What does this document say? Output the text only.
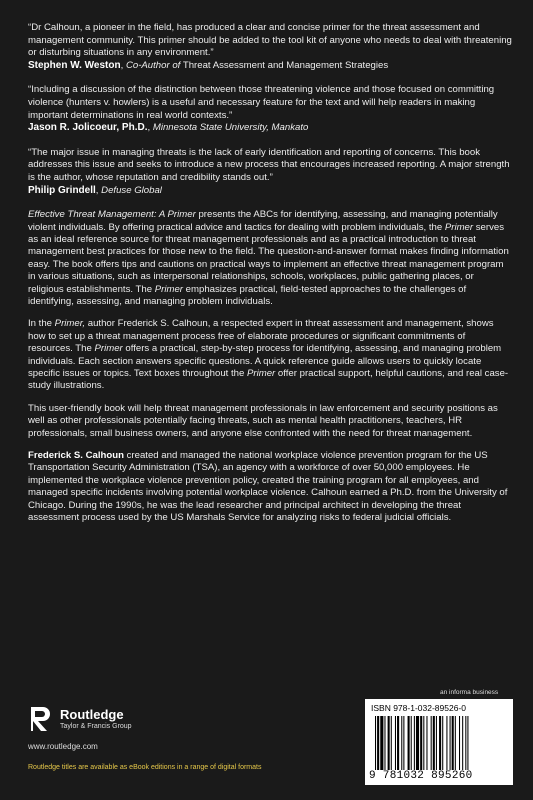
“Dr Calhoun, a pioneer in the field, has produced a clear and concise primer for the threat assessment and management community. This primer should be added to the tool kit of anyone who needs to deal with threatening or disturbing situations in any environment.”

Stephen W. Weston, Co-Author of Threat Assessment and Management Strategies

“Including a discussion of the distinction between those threatening violence and those focused on committing violence (hunters v. howlers) is a useful and necessary feature for the text and will help readers in making important determinations in real world contexts.”

Jason R. Jolicoeur, Ph.D., Minnesota State University, Mankato

“The major issue in managing threats is the lack of early identification and reporting of concerns. This book addresses this issue and seeks to introduce a new process that encourages increased reporting. A major strength is the author, whose reputation and credibility stands out.”

Philip Grindell, Defuse Global

Effective Threat Management: A Primer presents the ABCs for identifying, assessing, and managing potentially violent individuals. By offering practical advice and tactics for dealing with problem individuals, the Primer serves as an ideal reference source for threat management professionals and as a practical introduction to threat management best practices for those new to the field. The question-and-answer format makes finding information easy. The book offers tips and cautions on practical ways to implement an effective threat management program in various situations, such as interpersonal relationships, schools, workplaces, public gathering places, or religious establishments. The Primer emphasizes practical, field-tested approaches to the challenges of identifying, assessing, and managing problem individuals.

In the Primer, author Frederick S. Calhoun, a respected expert in threat assessment and management, shows how to set up a threat management process free of elaborate procedures or significant commitments of resources. The Primer offers a practical, step-by-step process for identifying, assessing, and managing problem individuals. Each section answers specific questions. A quick reference guide allows users to quickly locate specific issues or topics. Text boxes throughout the Primer offer practical support, helpful cautions, and real case-study illustrations.

This user-friendly book will help threat management professionals in law enforcement and security positions as well as other professionals potentially facing threats, such as mental health practitioners, teachers, HR professionals, small business owners, and anyone else confronted with the need for threat management.

Frederick S. Calhoun created and managed the national workplace violence prevention program for the US Transportation Security Administration (TSA), an agency with a workforce of over 50,000 employees. He implemented the workplace violence prevention policy, created the training program for all employees, and managed specific incidents involving potential workplace violence. Calhoun earned a Ph.D. from the University of Chicago. During the 1990s, he was the lead researcher and principal architect in developing the threat assessment process used by the US Marshals Service for analyzing risks to federal judicial officials.
Routledge
Taylor & Francis Group
www.routledge.com
Routledge titles are available as eBook editions in a range of digital formats
an informa business
ISBN 978-1-032-89526-0
9 781032 895260
